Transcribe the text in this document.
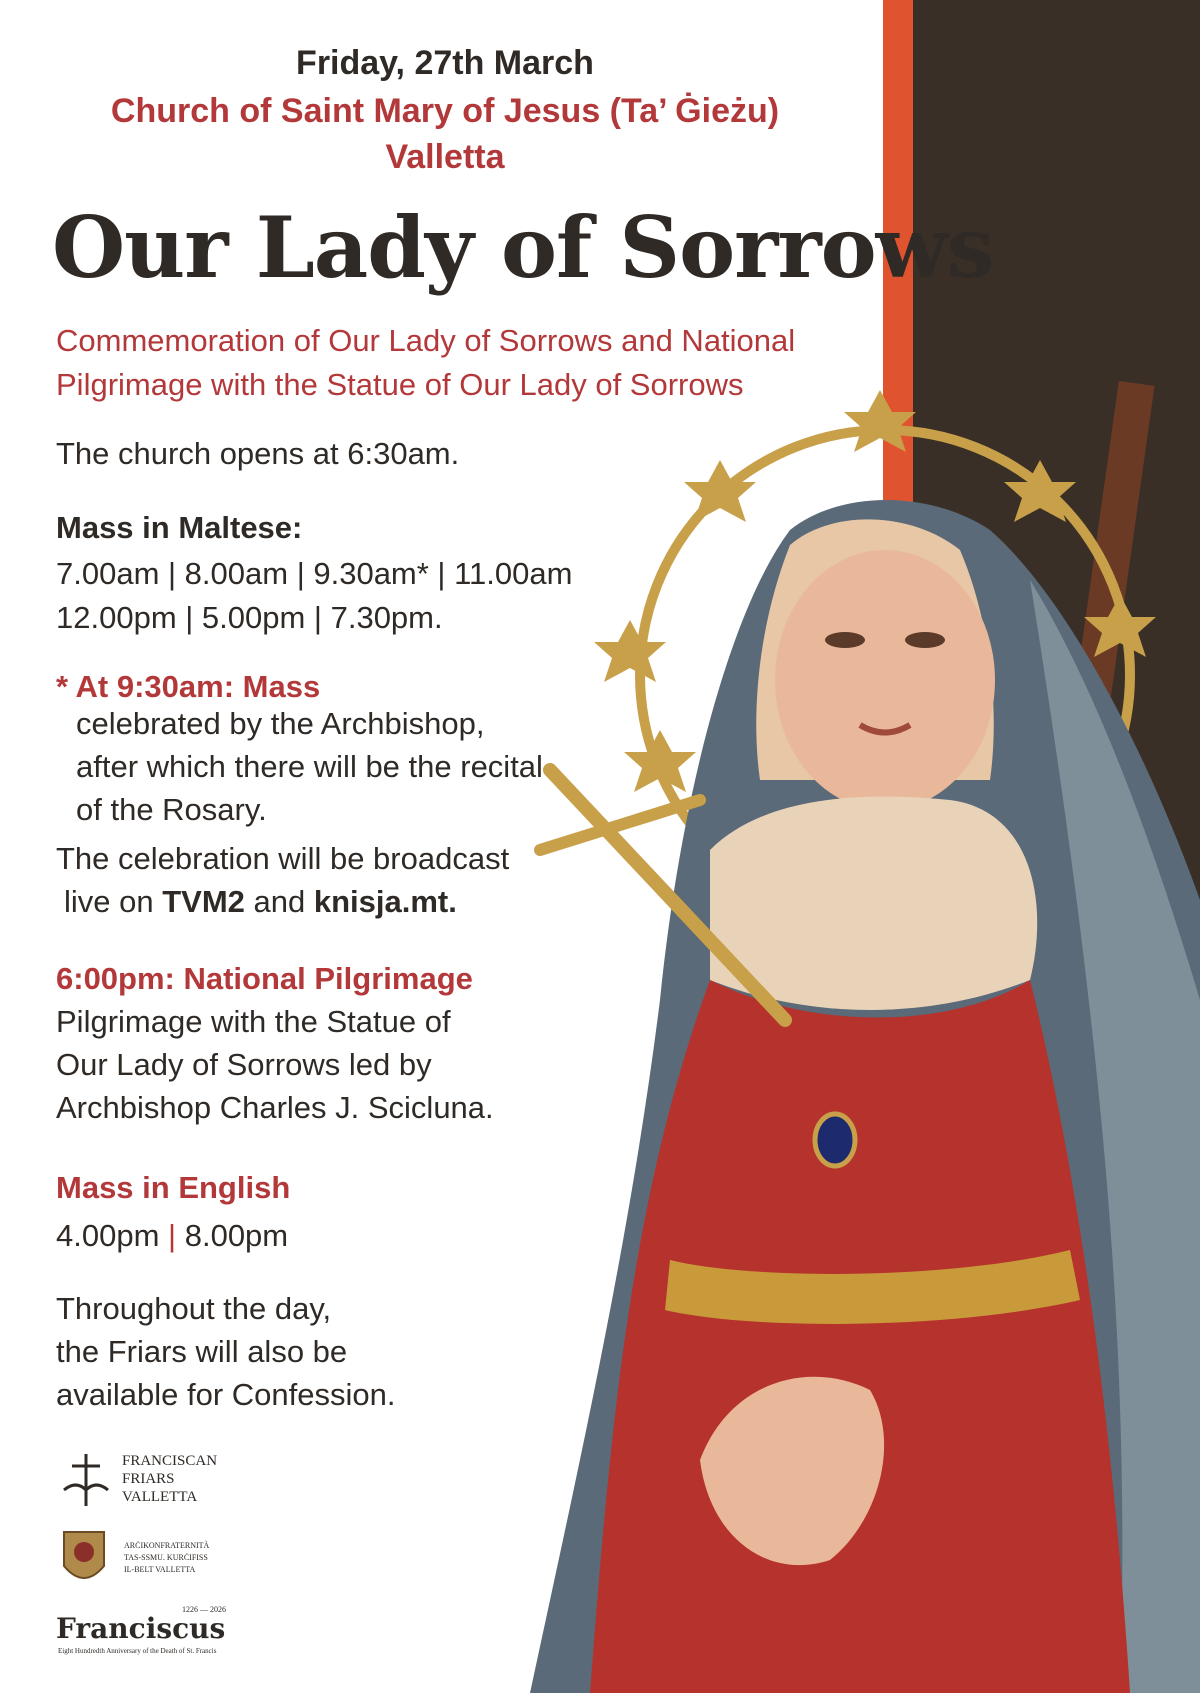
Friday, 27th March

Church of Saint Mary of Jesus (Ta’ Ġieżu)

Valletta

Our Lady of Sorrows

Commemoration of Our Lady of Sorrows and National

Pilgrimage with the Statue of Our Lady of Sorrows

The church opens at 6:30am.

Mass in Maltese:

7.00am | 8.00am | 9.30am* | 11.00am

12.00pm | 5.00pm | 7.30pm.

* At 9:30am: Mass

celebrated by the Archbishop,

after which there will be the recital

of the Rosary.

The celebration will be broadcast

live on TVM2 and knisja.mt.

6:00pm: National Pilgrimage

Pilgrimage with the Statue of

Our Lady of Sorrows led by

Archbishop Charles J. Scicluna.

Mass in English

4.00pm | 8.00pm

Throughout the day,

the Friars will also be

available for Confession.

FRANCISCAN
FRIARS
VALLETTA
ARĊIKONFRATERNITÀ
TAS-SSMU. KURĊIFISS
IL-BELT VALLETTA
1226 — 2026
Franciscus
Eight Hundredth Anniversary of the Death of St. Francis
